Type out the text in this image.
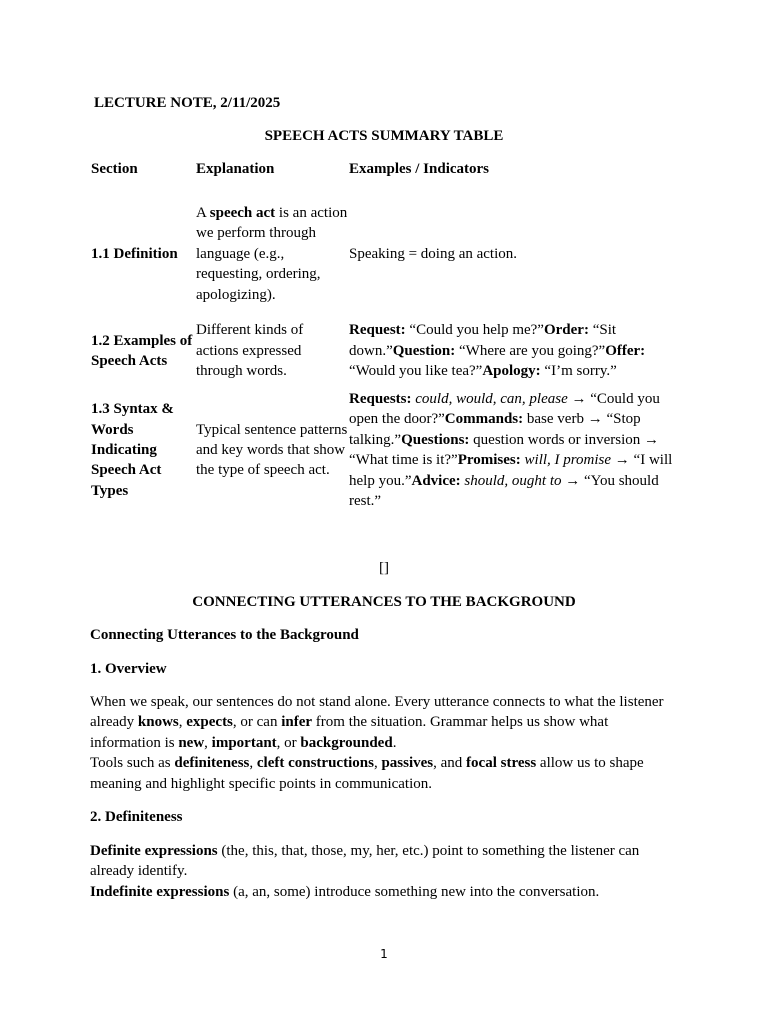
LECTURE NOTE, 2/11/2025
SPEECH ACTS SUMMARY TABLE
Section	Explanation	Examples / Indicators
1.1 Definition	A speech act is an action we perform through language (e.g., requesting, ordering, apologizing).	Speaking = doing an action.
1.2 Examples of Speech Acts	Different kinds of actions expressed through words.	Request: “Could you help me?”Order: “Sit down.”Question: “Where are you going?”Offer: “Would you like tea?”Apology: “I’m sorry.”
1.3 Syntax & Words Indicating Speech Act Types	Typical sentence patterns and key words that show the type of speech act.	Requests: could, would, can, please → “Could you open the door?”Commands: base verb → “Stop talking.”Questions: question words or inversion → “What time is it?”Promises: will, I promise → “I will help you.”Advice: should, ought to → “You should rest.”
[]
CONNECTING UTTERANCES TO THE BACKGROUND
Connecting Utterances to the Background
1. Overview
When we speak, our sentences do not stand alone. Every utterance connects to what the listener already knows, expects, or can infer from the situation. Grammar helps us show what information is new, important, or backgrounded.
Tools such as definiteness, cleft constructions, passives, and focal stress allow us to shape meaning and highlight specific points in communication.
2. Definiteness
Definite expressions (the, this, that, those, my, her, etc.) point to something the listener can already identify.
Indefinite expressions (a, an, some) introduce something new into the conversation.
1
